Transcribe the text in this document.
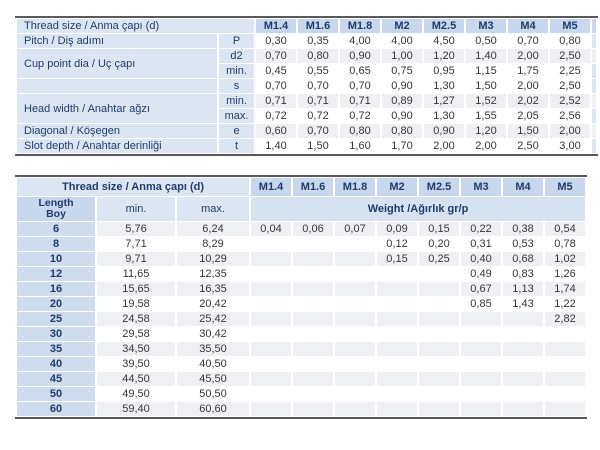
Thread size / Anma çapı (d)		M1.4	M1.6	M1.8	M2	M2.5	M3	M4	M5	
Pitch / Diş adımı	P	0,30	0,35	4,00	4,00	4,50	0,50	0,70	0,80	
Cup point dia / Uç çapı	d2	0,70	0,80	0,90	1,00	1,20	1,40	2,00	2,50	
	min.	0,45	0,55	0,65	0,75	0,95	1,15	1,75	2,25	
	s	0,70	0,70	0,70	0,90	1,30	1,50	2,00	2,50	
Head width / Anahtar ağzı	min.	0,71	0,71	0,71	0,89	1,27	1,52	2,02	2,52	
	max.	0,72	0,72	0,72	0,90	1,30	1,55	2,05	2,56	
Diagonal / Köşegen	e	0,60	0,70	0,80	0,80	0,90	1,20	1,50	2,00	
Slot depth / Anahtar derinliği	t	1,40	1,50	1,60	1,70	2,00	2,00	2,50	3,00	
Thread size / Anma çapı (d)			M1.4	M1.6	M1.8	M2	M2.5	M3	M4	M5

Length
Boy	min.	max.	Weight /Ağırlık gr/p							
6	5,76	6,24	0,04	0,06	0,07	0,09	0,15	0,22	0,38	0,54
8	7,71	8,29				0,12	0,20	0,31	0,53	0,78
10	9,71	10,29				0,15	0,25	0,40	0,68	1,02
12	11,65	12,35						0,49	0,83	1,26
16	15,65	16,35						0,67	1,13	1,74
20	19,58	20,42						0,85	1,43	1,22
25	24,58	25,42								2,82
30	29,58	30,42								
35	34,50	35,50								
40	39,50	40,50								
45	44,50	45,50								
50	49,50	50,50								
60	59,40	60,60								
